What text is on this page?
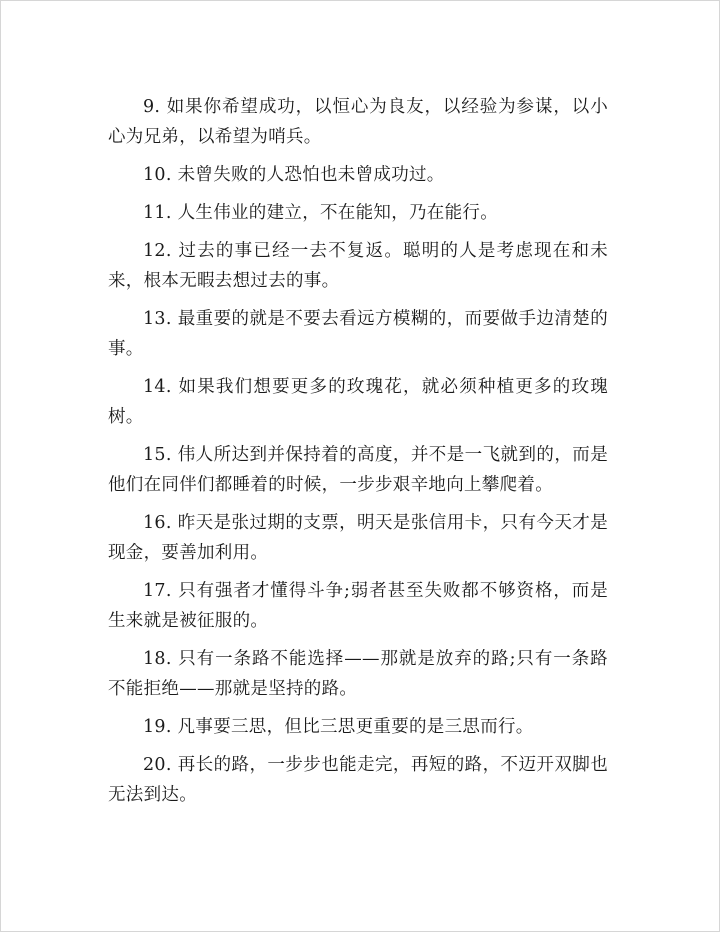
9. 如果你希望成功，以恒心为良友，以经验为参谋，以小心为兄弟，以希望为哨兵。

10. 未曾失败的人恐怕也未曾成功过。

11. 人生伟业的建立，不在能知，乃在能行。

12. 过去的事已经一去不复返。聪明的人是考虑现在和未来，根本无暇去想过去的事。

13. 最重要的就是不要去看远方模糊的，而要做手边清楚的事。

14. 如果我们想要更多的玫瑰花，就必须种植更多的玫瑰树。

15. 伟人所达到并保持着的高度，并不是一飞就到的，而是他们在同伴们都睡着的时候，一步步艰辛地向上攀爬着。

16. 昨天是张过期的支票，明天是张信用卡，只有今天才是现金，要善加利用。

17. 只有强者才懂得斗争;弱者甚至失败都不够资格，而是生来就是被征服的。

18. 只有一条路不能选择——那就是放弃的路;只有一条路不能拒绝——那就是坚持的路。

19. 凡事要三思，但比三思更重要的是三思而行。

20. 再长的路，一步步也能走完，再短的路，不迈开双脚也无法到达。
